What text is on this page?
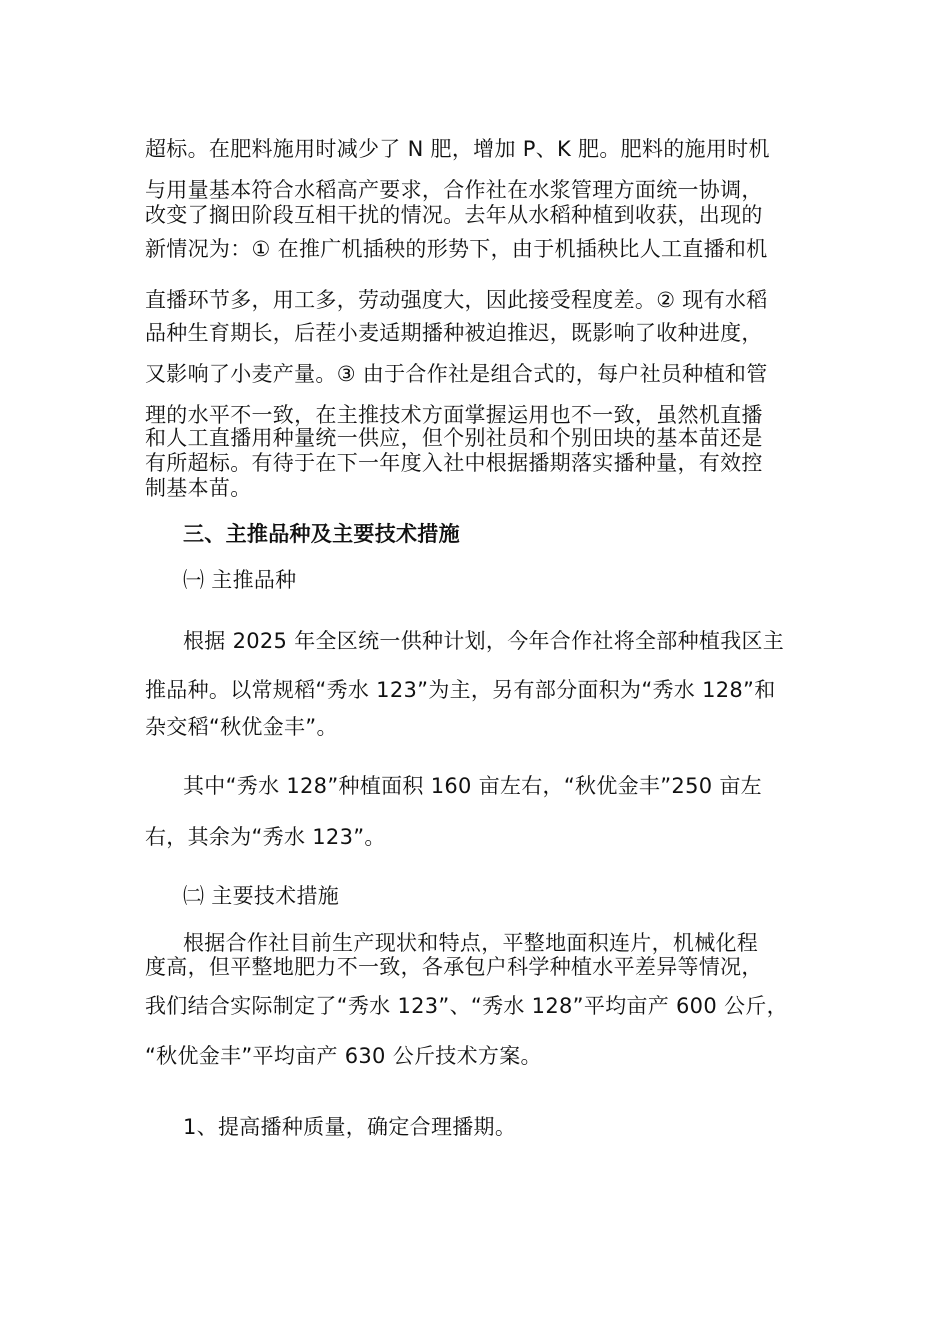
超标。在肥料施用时减少了 N 肥，增加 P、K 肥。肥料的施用时机
与用量基本符合水稻高产要求，合作社在水浆管理方面统一协调，
改变了搁田阶段互相干扰的情况。去年从水稻种植到收获，出现的
新情况为：① 在推广机插秧的形势下，由于机插秧比人工直播和机
直播环节多，用工多，劳动强度大，因此接受程度差。② 现有水稻
品种生育期长，后茬小麦适期播种被迫推迟，既影响了收种进度，
又影响了小麦产量。③ 由于合作社是组合式的，每户社员种植和管
理的水平不一致，在主推技术方面掌握运用也不一致，虽然机直播
和人工直播用种量统一供应，但个别社员和个别田块的基本苗还是
有所超标。有待于在下一年度入社中根据播期落实播种量，有效控
制基本苗。
三、主推品种及主要技术措施
㈠ 主推品种
根据 2025 年全区统一供种计划，今年合作社将全部种植我区主
推品种。以常规稻“秀水 123”为主，另有部分面积为“秀水 128”和
杂交稻“秋优金丰”。
其中“秀水 128”种植面积 160 亩左右，“秋优金丰”250 亩左
右，其余为“秀水 123”。
㈡ 主要技术措施
根据合作社目前生产现状和特点，平整地面积连片，机械化程
度高，但平整地肥力不一致，各承包户科学种植水平差异等情况，
我们结合实际制定了“秀水 123”、“秀水 128”平均亩产 600 公斤，
“秋优金丰”平均亩产 630 公斤技术方案。
1、提高播种质量，确定合理播期。
